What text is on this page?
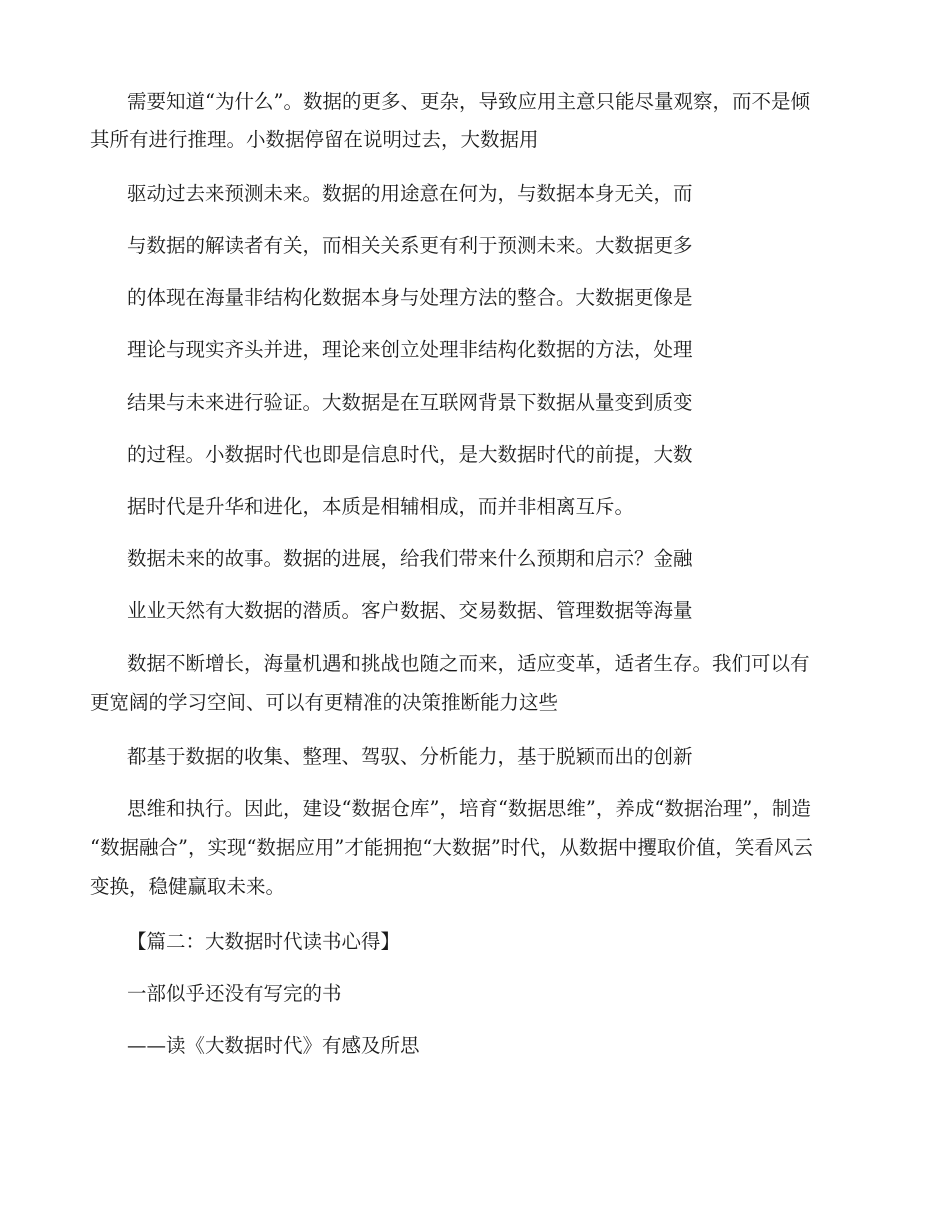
需要知道“为什么”。数据的更多、更杂，导致应用主意只能尽量观察，而不是倾

其所有进行推理。小数据停留在说明过去，大数据用

驱动过去来预测未来。数据的用途意在何为，与数据本身无关，而

与数据的解读者有关，而相关关系更有利于预测未来。大数据更多

的体现在海量非结构化数据本身与处理方法的整合。大数据更像是

理论与现实齐头并进，理论来创立处理非结构化数据的方法，处理

结果与未来进行验证。大数据是在互联网背景下数据从量变到质变

的过程。小数据时代也即是信息时代，是大数据时代的前提，大数

据时代是升华和进化，本质是相辅相成，而并非相离互斥。

数据未来的故事。数据的进展，给我们带来什么预期和启示？金融

业业天然有大数据的潜质。客户数据、交易数据、管理数据等海量

数据不断增长，海量机遇和挑战也随之而来，适应变革，适者生存。我们可以有

更宽阔的学习空间、可以有更精准的决策推断能力这些

都基于数据的收集、整理、驾驭、分析能力，基于脱颖而出的创新

思维和执行。因此，建设“数据仓库”，培育“数据思维”，养成“数据治理”，制造

“数据融合”，实现“数据应用”才能拥抱“大数据”时代，从数据中攫取价值，笑看风云

变换，稳健赢取未来。

【篇二：大数据时代读书心得】

一部似乎还没有写完的书

——读《大数据时代》有感及所思
